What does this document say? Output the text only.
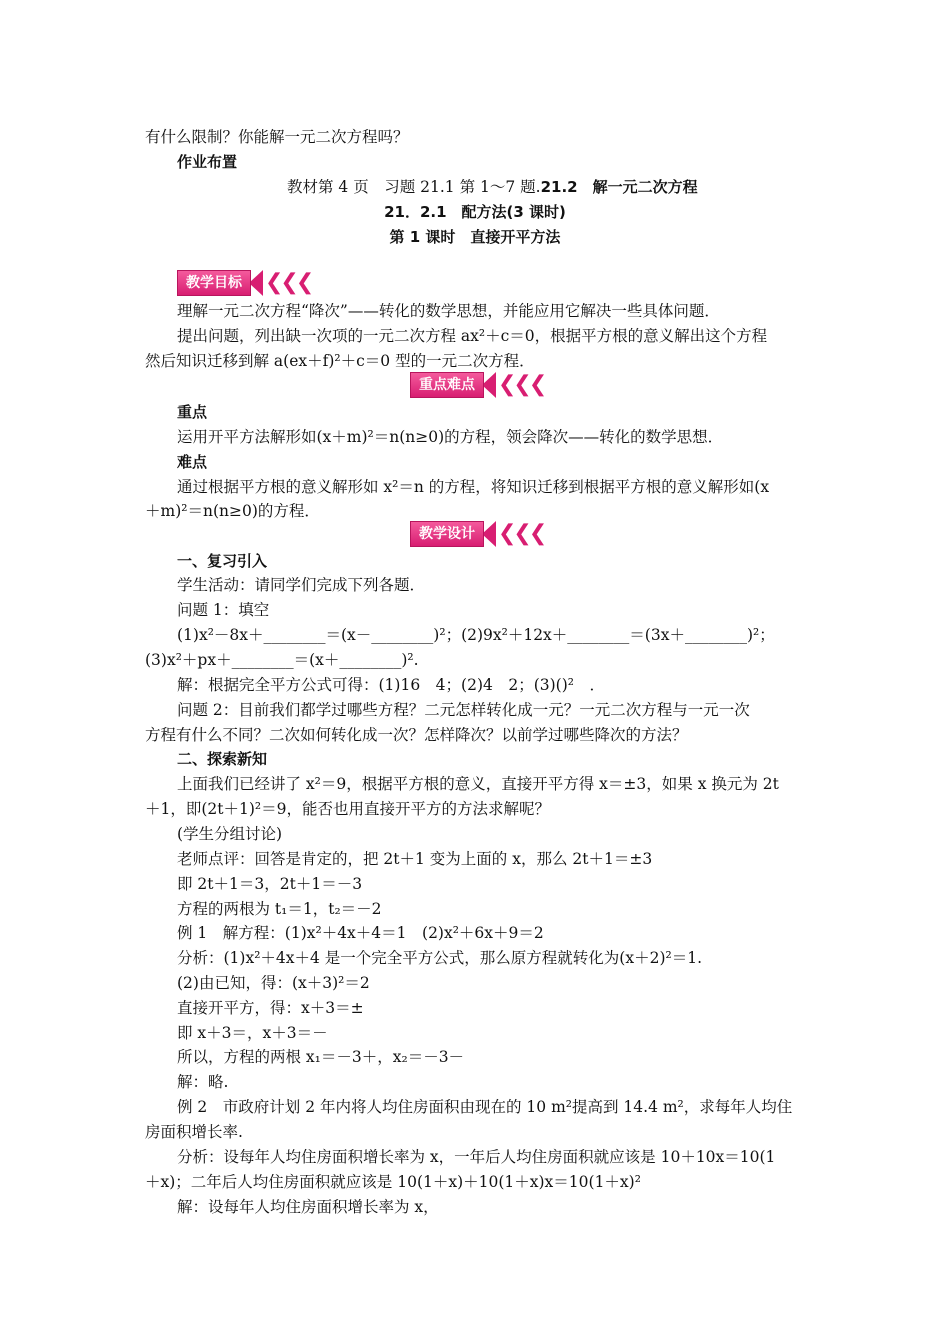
有什么限制？你能解一元二次方程吗？
作业布置
教材第 4 页　习题 21.1 第 1～7 题.21.2　解一元二次方程
21．2.1　配方法(3 课时)
第 1 课时　直接开平方法
教学目标	❮❮❮
理解一元二次方程“降次”——转化的数学思想，并能应用它解决一些具体问题．
提出问题，列出缺一次项的一元二次方程 ax²＋c＝0，根据平方根的意义解出这个方程
然后知识迁移到解 a(ex＋f)²＋c＝0 型的一元二次方程．
重点难点	❮❮❮
重点
运用开平方法解形如(x＋m)²＝n(n≥0)的方程，领会降次——转化的数学思想．
难点
通过根据平方根的意义解形如 x²＝n 的方程，将知识迁移到根据平方根的意义解形如(x
＋m)²＝n(n≥0)的方程．
教学设计	❮❮❮
一、复习引入
学生活动：请同学们完成下列各题．
问题 1：填空
(1)x²－8x＋________＝(x－________)²；(2)9x²＋12x＋________＝(3x＋________)²；
(3)x²＋px＋________＝(x＋________)².
解：根据完全平方公式可得：(1)16　4；(2)4　2；(3)()²　．
问题 2：目前我们都学过哪些方程？二元怎样转化成一元？一元二次方程与一元一次
方程有什么不同？二次如何转化成一次？怎样降次？以前学过哪些降次的方法？
二、探索新知
上面我们已经讲了 x²＝9，根据平方根的意义，直接开平方得 x＝±3，如果 x 换元为 2t
＋1，即(2t＋1)²＝9，能否也用直接开平方的方法求解呢？
(学生分组讨论)
老师点评：回答是肯定的，把 2t＋1 变为上面的 x，那么 2t＋1＝±3
即 2t＋1＝3，2t＋1＝－3
方程的两根为 t₁＝1，t₂＝－2
例 1　解方程：(1)x²＋4x＋4＝1　(2)x²＋6x＋9＝2
分析：(1)x²＋4x＋4 是一个完全平方公式，那么原方程就转化为(x＋2)²＝1.
(2)由已知，得：(x＋3)²＝2
直接开平方，得：x＋3＝±
即 x＋3＝，x＋3＝－
所以，方程的两根 x₁＝－3＋，x₂＝－3－
解：略.
例 2　市政府计划 2 年内将人均住房面积由现在的 10 m²提高到 14.4 m²，求每年人均住
房面积增长率.
分析：设每年人均住房面积增长率为 x，一年后人均住房面积就应该是 10＋10x＝10(1
＋x)；二年后人均住房面积就应该是 10(1＋x)＋10(1＋x)x＝10(1＋x)²
解：设每年人均住房面积增长率为 x，
